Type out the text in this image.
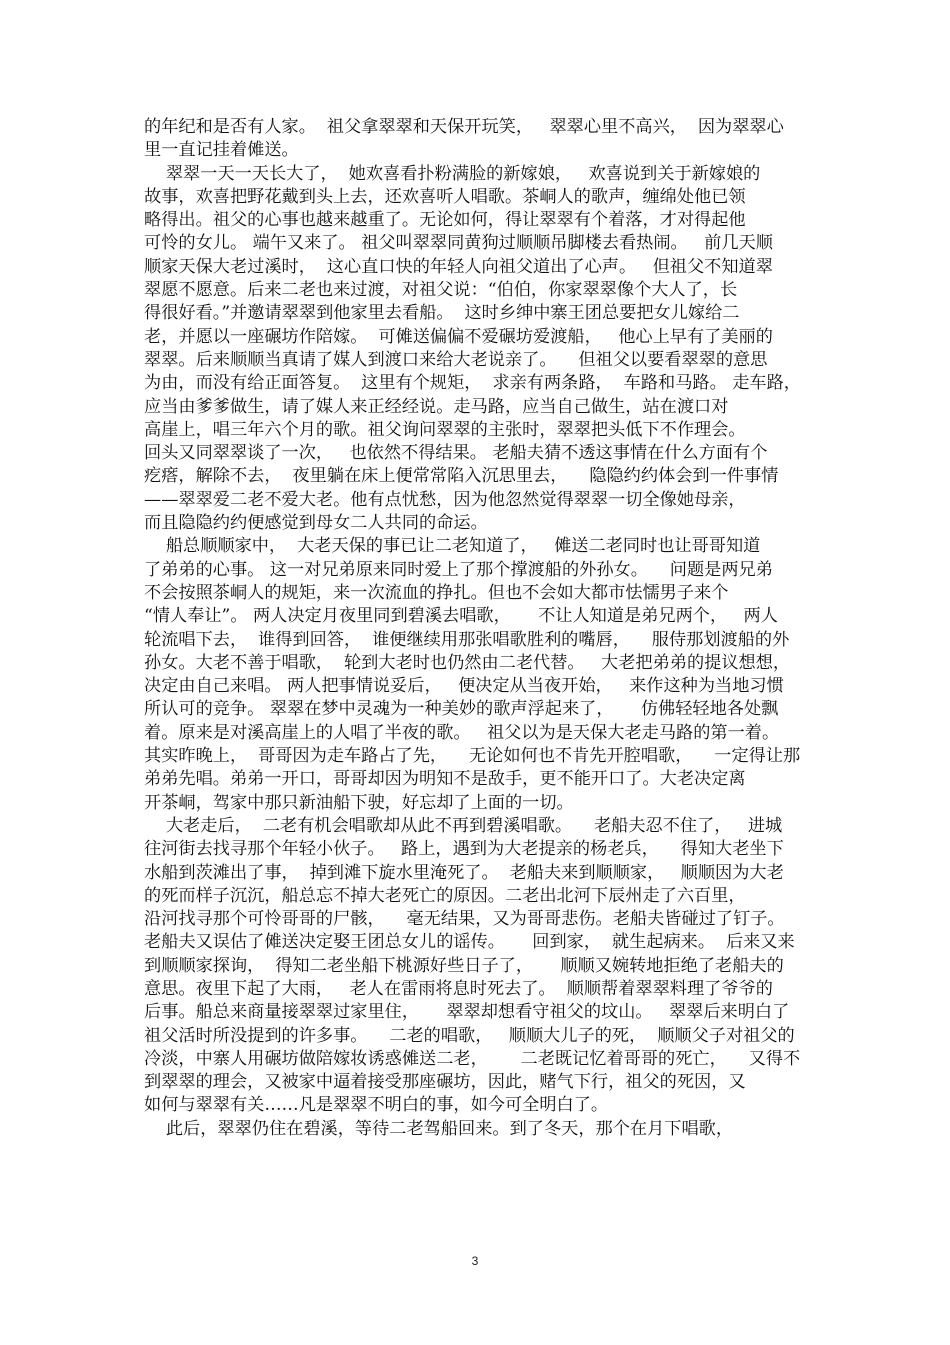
的年纪和是否有人家。  祖父拿翠翠和天保开玩笑，   翠翠心里不高兴，  因为翠翠心
里一直记挂着傩送。
翠翠一天一天长大了，  她欢喜看扑粉满脸的新嫁娘，   欢喜说到关于新嫁娘的
故事，欢喜把野花戴到头上去，还欢喜听人唱歌。茶峒人的歌声，缠绵处他已领
略得出。祖父的心事也越来越重了。无论如何，得让翠翠有个着落，才对得起他
可怜的女儿。 端午又来了。 祖父叫翠翠同黄狗过顺顺吊脚楼去看热闹。   前几天顺
顺家天保大老过溪时，  这心直口快的年轻人向祖父道出了心声。   但祖父不知道翠
翠愿不愿意。后来二老也来过渡，对祖父说：“伯伯，你家翠翠像个大人了，长
得很好看。”并邀请翠翠到他家里去看船。  这时乡绅中寨王团总要把女儿嫁给二
老，并愿以一座碾坊作陪嫁。  可傩送偏偏不爱碾坊爱渡船，   他心上早有了美丽的
翠翠。后来顺顺当真请了媒人到渡口来给大老说亲了。    但祖父以要看翠翠的意思
为由，而没有给正面答复。  这里有个规矩，  求亲有两条路，  车路和马路。 走车路，
应当由爹爹做生，请了媒人来正经经说。走马路，应当自己做生，站在渡口对
高崖上，唱三年六个月的歌。祖父询问翠翠的主张时，翠翠把头低下不作理会。
回头又同翠翠谈了一次，   也依然不得结果。 老船夫猜不透这事情在什么方面有个
疙瘩，解除不去，  夜里躺在床上便常常陷入沉思里去，    隐隐约约体会到一件事情
——翠翠爱二老不爱大老。他有点忧愁，因为他忽然觉得翠翠一切全像她母亲，
而且隐隐约约便感觉到母女二人共同的命运。
船总顺顺家中，  大老天保的事已让二老知道了，   傩送二老同时也让哥哥知道
了弟弟的心事。 这一对兄弟原来同时爱上了那个撑渡船的外孙女。    问题是两兄弟
不会按照茶峒人的规矩，来一次流血的挣扎。但也不会如大都市怯懦男子来个
“情人奉让”。 两人决定月夜里同到碧溪去唱歌，     不让人知道是弟兄两个，   两人
轮流唱下去，  谁得到回答，  谁便继续用那张唱歌胜利的嘴唇，    服侍那划渡船的外
孙女。大老不善于唱歌，  轮到大老时也仍然由二老代替。   大老把弟弟的提议想想，
决定由自己来唱。 两人把事情说妥后，   便决定从当夜开始，   来作这种为当地习惯
所认可的竞争。 翠翠在梦中灵魂为一种美妙的歌声浮起来了，     仿佛轻轻地各处飘
着。原来是对溪高崖上的人唱了半夜的歌。   祖父以为是天保大老走马路的第一着。
其实昨晚上，  哥哥因为走车路占了先，    无论如何也不肯先开腔唱歌，    一定得让那
弟弟先唱。弟弟一开口，哥哥却因为明知不是敌手，更不能开口了。大老决定离
开茶峒，驾家中那只新油船下驶，好忘却了上面的一切。
大老走后，  二老有机会唱歌却从此不再到碧溪唱歌。    老船夫忍不住了，   进城
往河街去找寻那个年轻小伙子。   路上，遇到为大老提亲的杨老兵，    得知大老坐下
水船到茨滩出了事，  掉到滩下旋水里淹死了。  老船夫来到顺顺家，   顺顺因为大老
的死而样子沉沉，船总忘不掉大老死亡的原因。二老出北河下辰州走了六百里，
沿河找寻那个可怜哥哥的尸骸，    毫无结果，又为哥哥悲伤。老船夫皆碰过了钉子。
老船夫又误估了傩送决定娶王团总女儿的谣传。     回到家，  就生起病来。  后来又来
到顺顺家探询，  得知二老坐船下桃源好些日子了，     顺顺又婉转地拒绝了老船夫的
意思。夜里下起了大雨，   老人在雷雨将息时死去了。  顺顺帮着翠翠料理了爷爷的
后事。船总来商量接翠翠过家里住，     翠翠却想看守祖父的坟山。   翠翠后来明白了
祖父活时所没提到的许多事。    二老的唱歌，   顺顺大儿子的死，  顺顺父子对祖父的
冷淡，中寨人用碾坊做陪嫁妆诱惑傩送二老，      二老既记忆着哥哥的死亡，    又得不
到翠翠的理会，又被家中逼着接受那座碾坊，因此，赌气下行，祖父的死因，又
如何与翠翠有关……凡是翠翠不明白的事，如今可全明白了。
此后，翠翠仍住在碧溪，等待二老驾船回来。到了冬天，那个在月下唱歌，
3
